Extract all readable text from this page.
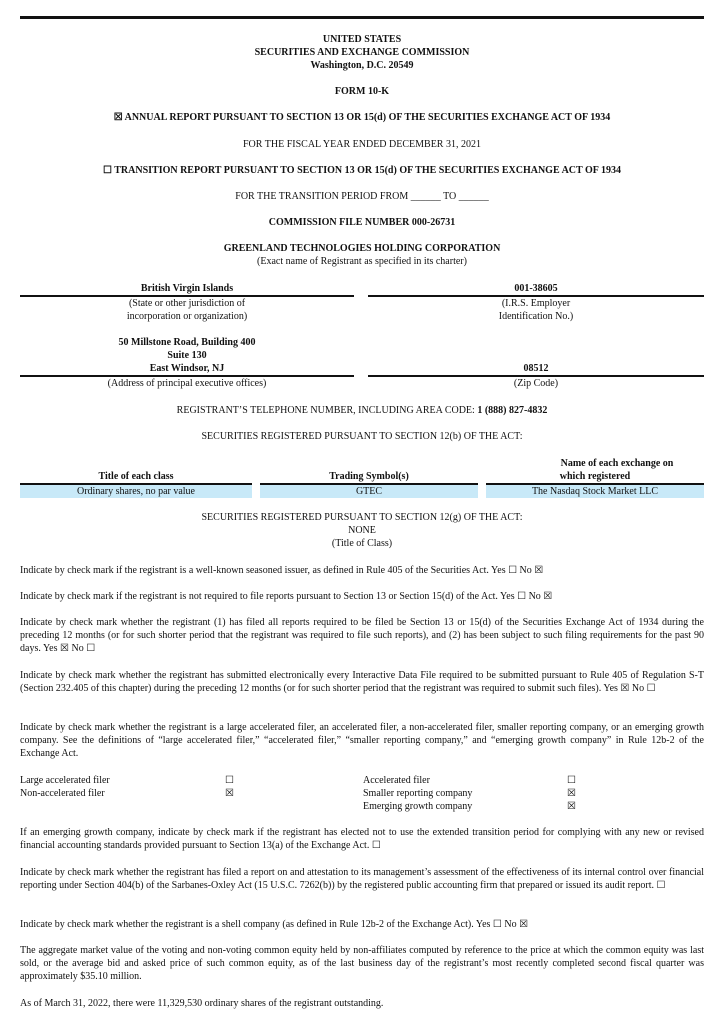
UNITED STATES
SECURITIES AND EXCHANGE COMMISSION
Washington, D.C. 20549
FORM 10-K
☒ ANNUAL REPORT PURSUANT TO SECTION 13 OR 15(d) OF THE SECURITIES EXCHANGE ACT OF 1934
FOR THE FISCAL YEAR ENDED DECEMBER 31, 2021
☐ TRANSITION REPORT PURSUANT TO SECTION 13 OR 15(d) OF THE SECURITIES EXCHANGE ACT OF 1934
FOR THE TRANSITION PERIOD FROM ______ TO ______
COMMISSION FILE NUMBER 000-26731
GREENLAND TECHNOLOGIES HOLDING CORPORATION
(Exact name of Registrant as specified in its charter)
British Virgin Islands
(State or other jurisdiction of
incorporation or organization)
001-38605
(I.R.S. Employer
Identification No.)
50 Millstone Road, Building 400
Suite 130
East Windsor, NJ
(Address of principal executive offices)
08512
(Zip Code)
REGISTRANT’S TELEPHONE NUMBER, INCLUDING AREA CODE: 1 (888) 827-4832
SECURITIES REGISTERED PURSUANT TO SECTION 12(b) OF THE ACT:
Name of each exchange on
Title of each class	Trading Symbol(s)	which registered
Ordinary shares, no par value	GTEC	The Nasdaq Stock Market LLC
SECURITIES REGISTERED PURSUANT TO SECTION 12(g) OF THE ACT:
NONE
(Title of Class)
Indicate by check mark if the registrant is a well-known seasoned issuer, as defined in Rule 405 of the Securities Act. Yes ☐ No ☒
Indicate by check mark if the registrant is not required to file reports pursuant to Section 13 or Section 15(d) of the Act. Yes ☐ No ☒
Indicate by check mark whether the registrant (1) has filed all reports required to be filed be Section 13 or 15(d) of the Securities Exchange Act of 1934 during the preceding 12 months (or for such shorter period that the registrant was required to file such reports), and (2) has been subject to such filing requirements for the past 90 days. Yes ☒ No ☐
Indicate by check mark whether the registrant has submitted electronically every Interactive Data File required to be submitted pursuant to Rule 405 of Regulation S-T (Section 232.405 of this chapter) during the preceding 12 months (or for such shorter period that the registrant was required to submit such files). Yes ☒ No ☐
Indicate by check mark whether the registrant is a large accelerated filer, an accelerated filer, a non-accelerated filer, smaller reporting company, or an emerging growth company. See the definitions of “large accelerated filer,” “accelerated filer,” “smaller reporting company,” and “emerging growth company” in Rule 12b-2 of the Exchange Act.
Large accelerated filer	☐
Non-accelerated filer	☒
Accelerated filer	☐
Smaller reporting company	☒
Emerging growth company	☒
If an emerging growth company, indicate by check mark if the registrant has elected not to use the extended transition period for complying with any new or revised financial accounting standards provided pursuant to Section 13(a) of the Exchange Act. ☐
Indicate by check mark whether the registrant has filed a report on and attestation to its management’s assessment of the effectiveness of its internal control over financial reporting under Section 404(b) of the Sarbanes-Oxley Act (15 U.S.C. 7262(b)) by the registered public accounting firm that prepared or issued its audit report. ☐
Indicate by check mark whether the registrant is a shell company (as defined in Rule 12b-2 of the Exchange Act). Yes ☐ No ☒
The aggregate market value of the voting and non-voting common equity held by non-affiliates computed by reference to the price at which the common equity was last sold, or the average bid and asked price of such common equity, as of the last business day of the registrant’s most recently completed second fiscal quarter was approximately $35.10 million.
As of March 31, 2022, there were 11,329,530 ordinary shares of the registrant outstanding.
